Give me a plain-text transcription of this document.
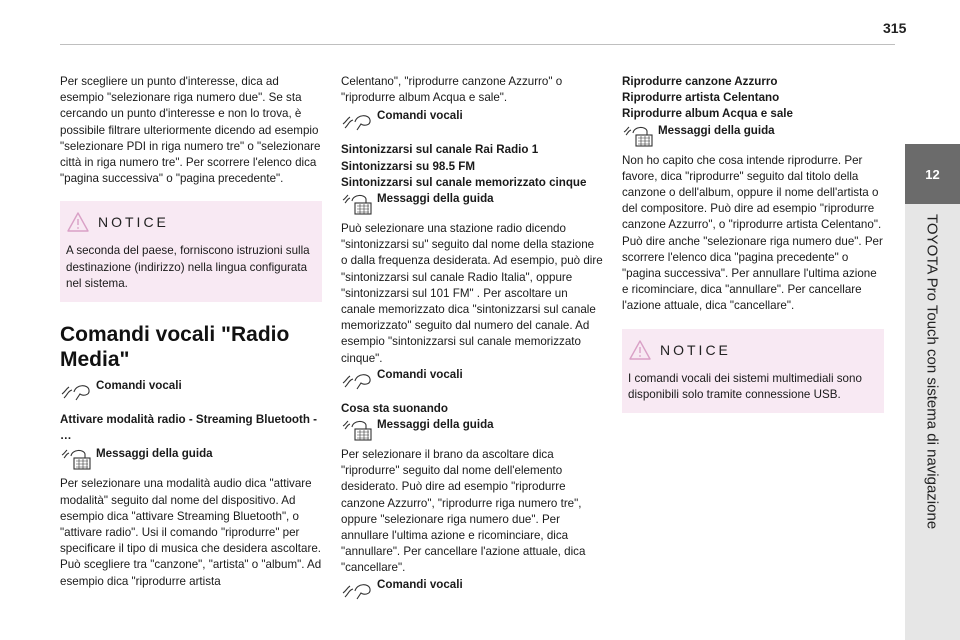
315
12
TOYOTA Pro Touch con sistema di navigazione

Per scegliere un punto d'interesse, dica ad esempio "selezionare riga numero due". Se sta cercando un punto d'interesse e non lo trova, è possibile filtrare ulteriormente dicendo ad esempio "selezionare PDI in riga numero tre" o "selezionare città in riga numero tre". Per scorrere l'elenco dica "pagina successiva" o "pagina precedente".

NOTICE

A seconda del paese, forniscono istruzioni sulla destinazione (indirizzo) nella lingua configurata nel sistema.

Comandi vocali "Radio Media"
Comandi vocali

Attivare modalità radio - Streaming Bluetooth - …

Messaggi della guida

Per selezionare una modalità audio dica "attivare modalità" seguito dal nome del dispositivo. Ad esempio dica "attivare Streaming Bluetooth", o "attivare radio". Usi il comando "riprodurre" per specificare il tipo di musica che desidera ascoltare. Può scegliere tra "canzone", "artista" o "album". Ad esempio dica "riprodurre artista

Celentano", "riprodurre canzone Azzurro" o "riprodurre album Acqua e sale".

Comandi vocali

Sintonizzarsi sul canale Rai Radio 1

Sintonizzarsi su 98.5 FM

Sintonizzarsi sul canale memorizzato cinque

Messaggi della guida

Può selezionare una stazione radio dicendo "sintonizzarsi su" seguito dal nome della stazione o dalla frequenza desiderata. Ad esempio, può dire "sintonizzarsi sul canale Radio Italia", oppure "sintonizzarsi sul 101 FM" . Per ascoltare un canale memorizzato dica "sintonizzarsi sul canale memorizzato" seguito dal numero del canale. Ad esempio "sintonizzarsi sul canale memorizzato cinque".

Comandi vocali

Cosa sta suonando

Messaggi della guida

Per selezionare il brano da ascoltare dica "riprodurre" seguito dal nome dell'elemento desiderato. Può dire ad esempio "riprodurre canzone Azzurro", "riprodurre riga numero tre", oppure "selezionare riga numero due". Per annullare l'ultima azione e ricominciare, dica "annullare". Per cancellare l'azione attuale, dica "cancellare".

Comandi vocali

Riprodurre canzone Azzurro

Riprodurre artista Celentano

Riprodurre album Acqua e sale

Messaggi della guida

Non ho capito che cosa intende riprodurre. Per favore, dica "riprodurre" seguito dal titolo della canzone o dell'album, oppure il nome dell'artista o del compositore. Può dire ad esempio "riprodurre canzone Azzurro", o "riprodurre artista Celentano". Può dire anche "selezionare riga numero due". Per scorrere l'elenco dica "pagina precedente" o "pagina successiva". Per annullare l'ultima azione e ricominciare, dica "annullare". Per cancellare l'azione attuale, dica "cancellare".

NOTICE

I comandi vocali dei sistemi multimediali sono disponibili solo tramite connessione USB.
